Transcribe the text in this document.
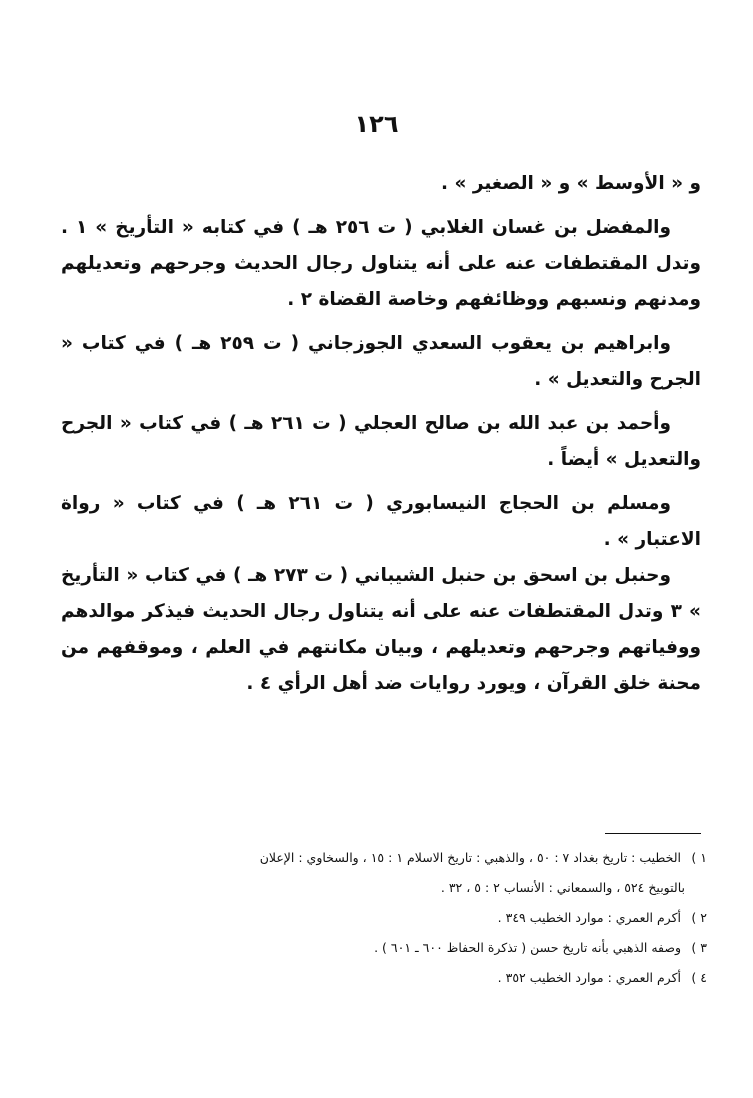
١٢٦

و « الأوسط » و « الصغير » .

والمفضل بن غسان الغلابي ( ت ٢٥٦ هـ ) في كتابه « التأريخ » ١ . وتدل المقتطفات عنه على أنه يتناول رجال الحديث وجرحهم وتعديلهم ومدنهم ونسبهم ووظائفهم وخاصة القضاة ٢ .

وابراهيم بن يعقوب السعدي الجوزجاني ( ت ٢٥٩ هـ ) في كتاب « الجرح والتعديل » .

وأحمد بن عبد الله بن صالح العجلي ( ت ٢٦١ هـ ) في كتاب « الجرح والتعديل » أيضاً .

ومسلم بن الحجاج النيسابوري ( ت ٢٦١ هـ ) في كتاب « رواة الاعتبار » .

وحنبل بن اسحق بن حنبل الشيباني ( ت ٢٧٣ هـ ) في كتاب « التأريخ » ٣ وتدل المقتطفات عنه على أنه يتناول رجال الحديث فيذكر موالدهم ووفياتهم وجرحهم وتعديلهم ، وبيان مكانتهم في العلم ، وموقفهم من محنة خلق القرآن ، ويورد روايات ضد أهل الرأي ٤ .

١ ) الخطيب : تاريخ بغداد ٧ : ٥٠ ، والذهبي : تاريخ الاسلام ١ : ١٥ ، والسخاوي : الإعلان

بالتوبيخ ٥٢٤ ، والسمعاني : الأنساب ٢ : ٥ ، ٣٢ .

٢ ) أكرم العمري : موارد الخطيب ٣٤٩ .

٣ ) وصفه الذهبي بأنه تاريخ حسن ( تذكرة الحفاظ ٦٠٠ ـ ٦٠١ ) .

٤ ) أكرم العمري : موارد الخطيب ٣٥٢ .
